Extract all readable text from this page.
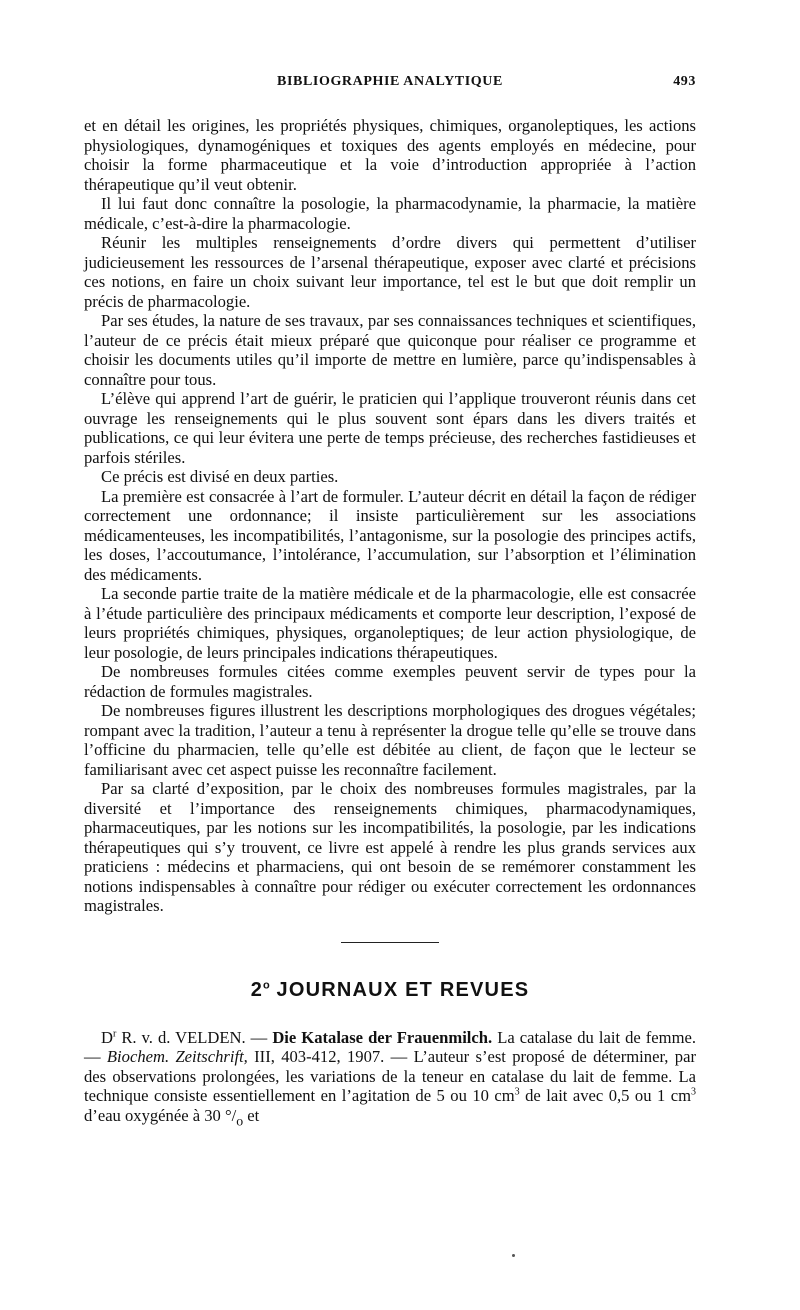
BIBLIOGRAPHIE ANALYTIQUE	493

et en détail les origines, les propriétés physiques, chimiques, organoleptiques, les actions physiologiques, dynamogéniques et toxiques des agents employés en médecine, pour choisir la forme pharmaceutique et la voie d’introduction appropriée à l’action thérapeutique qu’il veut obtenir.

Il lui faut donc connaître la posologie, la pharmacodynamie, la pharmacie, la matière médicale, c’est-à-dire la pharmacologie.

Réunir les multiples renseignements d’ordre divers qui permettent d’utiliser judicieusement les ressources de l’arsenal thérapeutique, exposer avec clarté et précisions ces notions, en faire un choix suivant leur importance, tel est le but que doit remplir un précis de pharmacologie.

Par ses études, la nature de ses travaux, par ses connaissances techniques et scientifiques, l’auteur de ce précis était mieux préparé que quiconque pour réaliser ce programme et choisir les documents utiles qu’il importe de mettre en lumière, parce qu’indispensables à connaître pour tous.

L’élève qui apprend l’art de guérir, le praticien qui l’applique trouveront réunis dans cet ouvrage les renseignements qui le plus souvent sont épars dans les divers traités et publications, ce qui leur évitera une perte de temps précieuse, des recherches fastidieuses et parfois stériles.

Ce précis est divisé en deux parties.

La première est consacrée à l’art de formuler. L’auteur décrit en détail la façon de rédiger correctement une ordonnance; il insiste particulièrement sur les associations médicamenteuses, les incompatibilités, l’antagonisme, sur la posologie des principes actifs, les doses, l’accoutumance, l’intolérance, l’accumulation, sur l’absorption et l’élimination des médicaments.

La seconde partie traite de la matière médicale et de la pharmacologie, elle est consacrée à l’étude particulière des principaux médicaments et comporte leur description, l’exposé de leurs propriétés chimiques, physiques, organoleptiques; de leur action physiologique, de leur posologie, de leurs principales indications thérapeutiques.

De nombreuses formules citées comme exemples peuvent servir de types pour la rédaction de formules magistrales.

De nombreuses figures illustrent les descriptions morphologiques des drogues végétales; rompant avec la tradition, l’auteur a tenu à représenter la drogue telle qu’elle se trouve dans l’officine du pharmacien, telle qu’elle est débitée au client, de façon que le lecteur se familiarisant avec cet aspect puisse les reconnaître facilement.

Par sa clarté d’exposition, par le choix des nombreuses formules magistrales, par la diversité et l’importance des renseignements chimiques, pharmacodynamiques, pharmaceutiques, par les notions sur les incompatibilités, la posologie, par les indications thérapeutiques qui s’y trouvent, ce livre est appelé à rendre les plus grands services aux praticiens : médecins et pharmaciens, qui ont besoin de se remémorer constamment les notions indispensables à connaître pour rédiger ou exécuter correctement les ordonnances magistrales.

2$^o$ JOURNAUX ET REVUES

$D^r$ R. v. d. VELDEN. — Die Katalase der Frauenmilch. La catalase du lait de femme. — Biochem. Zeitschrift, III, 403-412, 1907. — L’auteur s’est proposé de déterminer, par des observations prolongées, les variations de la teneur en catalase du lait de femme. La technique consiste essentiellement en l’agitation de 5 ou 10 $cm^3$ de lait avec 0,5 ou 1 $cm^3$ d’eau oxygénée à 30 $^\circ/_o$ et
